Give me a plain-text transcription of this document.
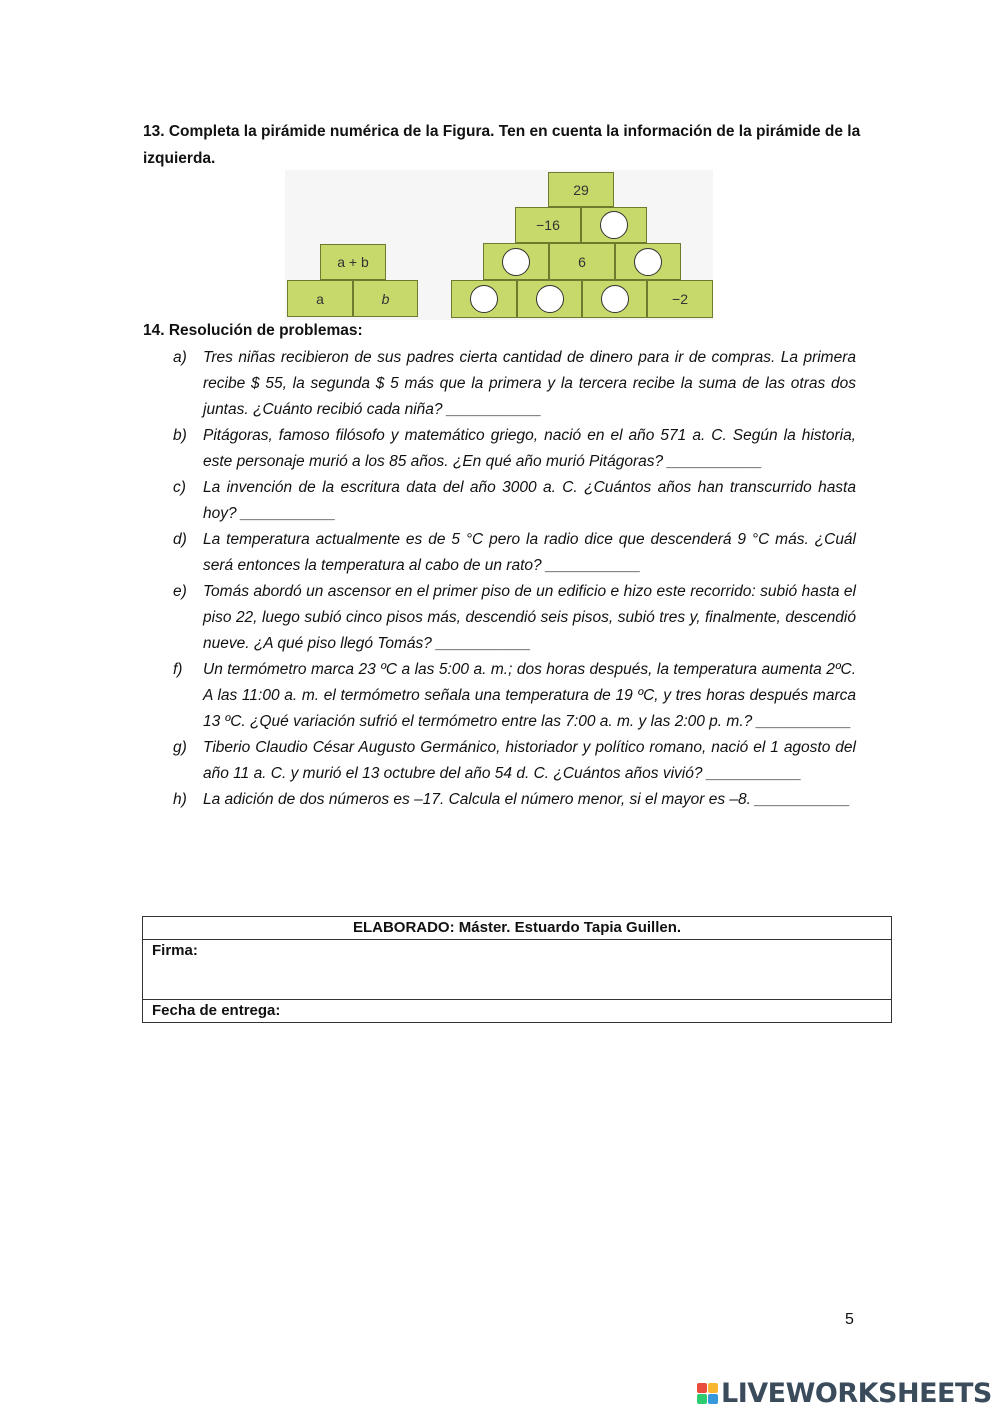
13. Completa la pirámide numérica de la Figura. Ten en cuenta la información de la pirámide de la izquierda.
a + b
a	b
29
−16
6
−2
14. Resolución de problemas:
a)	Tres niñas recibieron de sus padres cierta cantidad de dinero para ir de compras. La primera recibe $ 55, la segunda $ 5 más que la primera y la tercera recibe la suma de las otras dos juntas. ¿Cuánto recibió cada niña? ___________
b)	Pitágoras, famoso filósofo y matemático griego, nació en el año 571 a. C. Según la historia, este personaje murió a los 85 años. ¿En qué año murió Pitágoras? ___________
c)	La invención de la escritura data del año 3000 a. C. ¿Cuántos años han transcurrido hasta hoy? ___________
d)	La temperatura actualmente es de 5 °C pero la radio dice que descenderá 9 °C más. ¿Cuál será entonces la temperatura al cabo de un rato? ___________
e)	Tomás abordó un ascensor en el primer piso de un edificio e hizo este recorrido: subió hasta el piso 22, luego subió cinco pisos más, descendió seis pisos, subió tres y, finalmente, descendió nueve. ¿A qué piso llegó Tomás? ___________
f)	Un termómetro marca 23 ºC a las 5:00 a. m.; dos horas después, la temperatura aumenta 2ºC. A las 11:00 a. m. el termómetro señala una temperatura de 19 ºC, y tres horas después marca 13 ºC. ¿Qué variación sufrió el termómetro entre las 7:00 a. m. y las 2:00 p. m.? ___________
g)	Tiberio Claudio César Augusto Germánico, historiador y político romano, nació el 1 agosto del año 11 a. C. y murió el 13 octubre del año 54 d. C. ¿Cuántos años vivió? ___________
h)	La adición de dos números es –17. Calcula el número menor, si el mayor es –8. ___________
ELABORADO: Máster. Estuardo Tapia Guillen.
Firma:
Fecha de entrega:
5
LIVEWORKSHEETS
